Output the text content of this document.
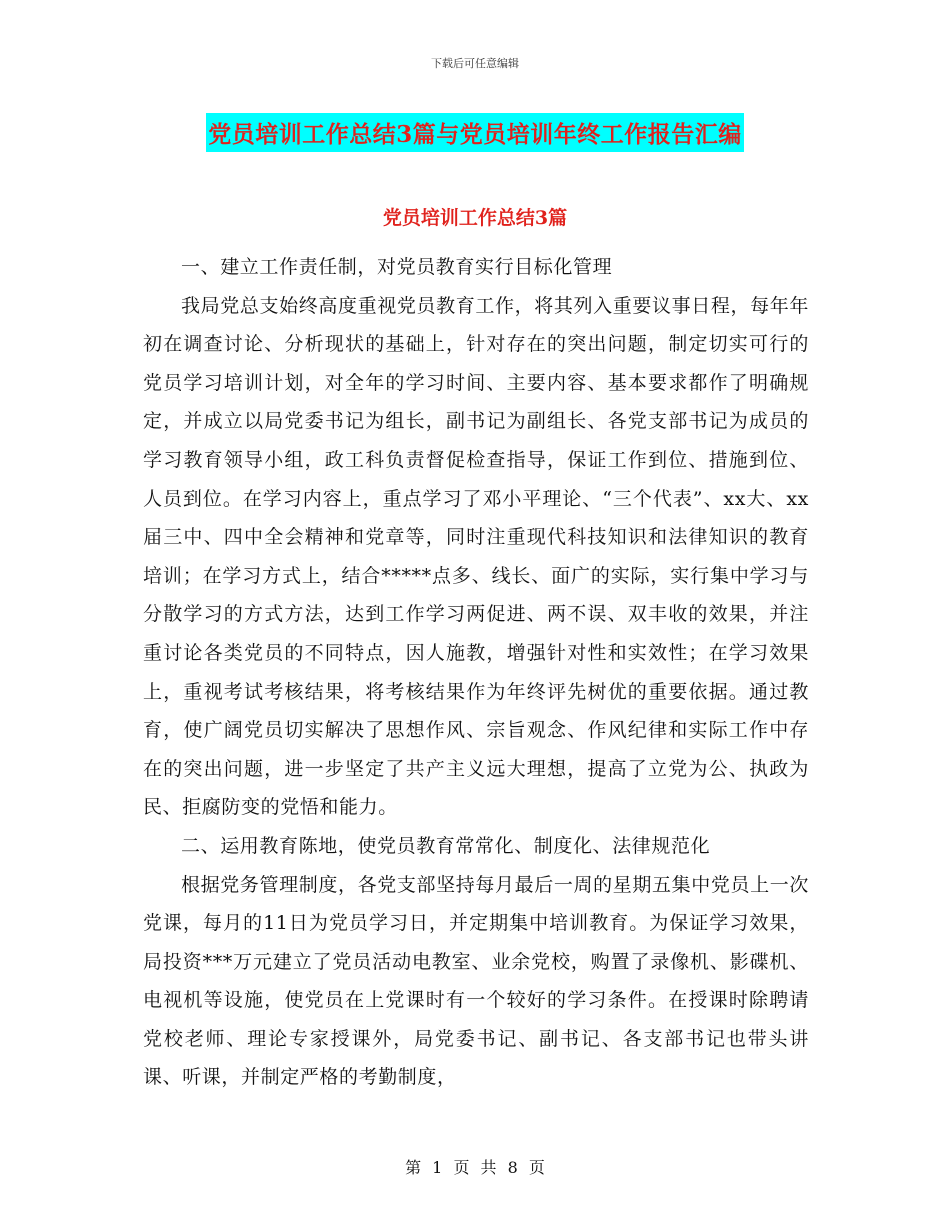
下载后可任意编辑
党员培训工作总结3篇与党员培训年终工作报告汇编
党员培训工作总结3篇

一、建立工作责任制，对党员教育实行目标化管理

我局党总支始终高度重视党员教育工作，将其列入重要议事日程，每年年初在调查讨论、分析现状的基础上，针对存在的突出问题，制定切实可行的党员学习培训计划，对全年的学习时间、主要内容、基本要求都作了明确规定，并成立以局党委书记为组长，副书记为副组长、各党支部书记为成员的学习教育领导小组，政工科负责督促检查指导，保证工作到位、措施到位、人员到位。在学习内容上，重点学习了邓小平理论、“三个代表”、xx大、xx届三中、四中全会精神和党章等，同时注重现代科技知识和法律知识的教育培训；在学习方式上，结合*****点多、线长、面广的实际，实行集中学习与分散学习的方式方法，达到工作学习两促进、两不误、双丰收的效果，并注重讨论各类党员的不同特点，因人施教，增强针对性和实效性；在学习效果上，重视考试考核结果，将考核结果作为年终评先树优的重要依据。通过教育，使广阔党员切实解决了思想作风、宗旨观念、作风纪律和实际工作中存在的突出问题，进一步坚定了共产主义远大理想，提高了立党为公、执政为民、拒腐防变的党悟和能力。

二、运用教育陈地，使党员教育常常化、制度化、法律规范化

根据党务管理制度，各党支部坚持每月最后一周的星期五集中党员上一次党课，每月的11日为党员学习日，并定期集中培训教育。为保证学习效果，局投资***万元建立了党员活动电教室、业余党校，购置了录像机、影碟机、电视机等设施，使党员在上党课时有一个较好的学习条件。在授课时除聘请党校老师、理论专家授课外，局党委书记、副书记、各支部书记也带头讲课、听课，并制定严格的考勤制度，

第 1 页 共 8 页
